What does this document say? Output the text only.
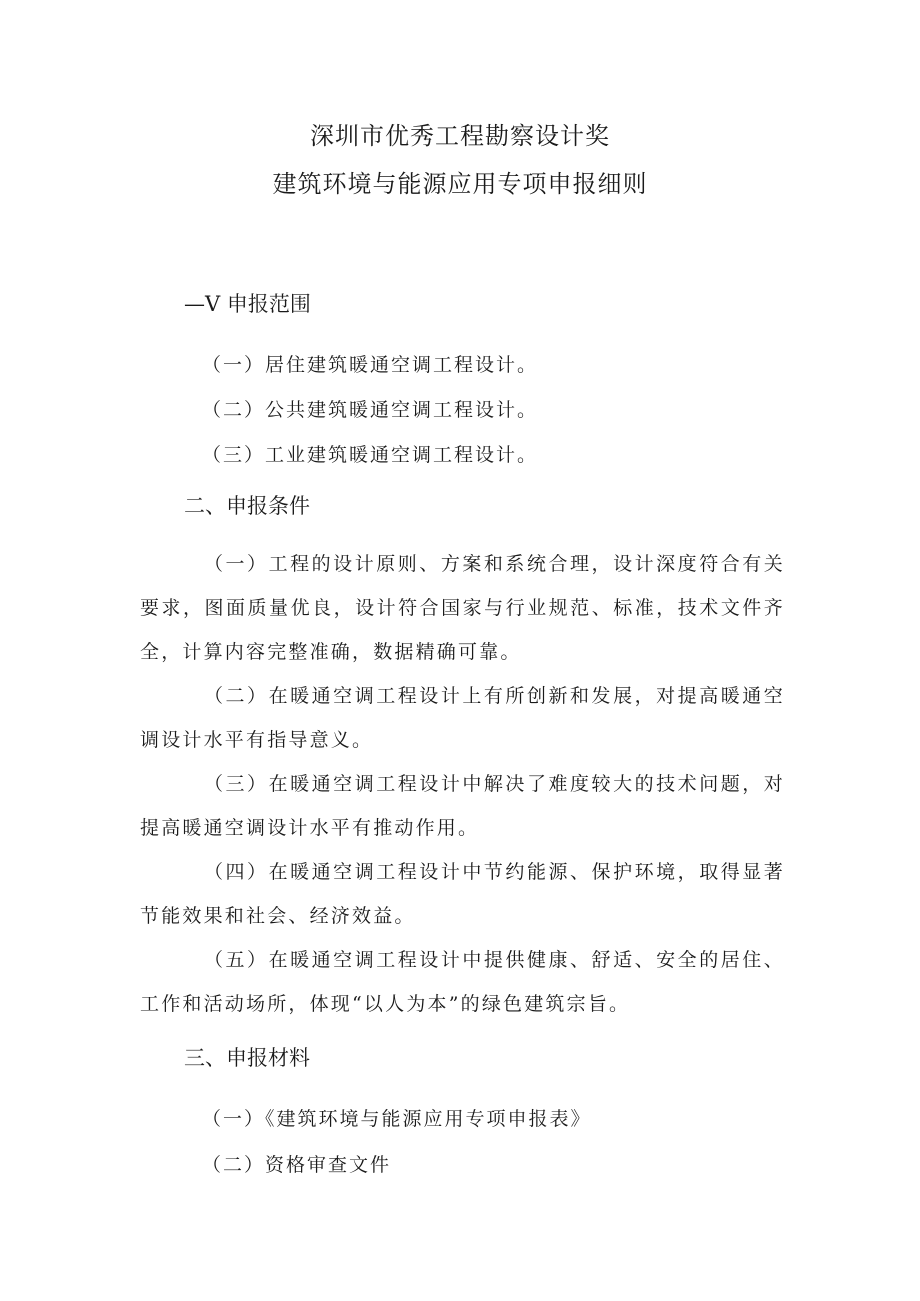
深圳市优秀工程勘察设计奖
建筑环境与能源应用专项申报细则
—V 申报范围
（一）居住建筑暖通空调工程设计。
（二）公共建筑暖通空调工程设计。
（三）工业建筑暖通空调工程设计。
二、申报条件
（一）工程的设计原则、方案和系统合理，设计深度符合有关要求，图面质量优良，设计符合国家与行业规范、标准，技术文件齐全，计算内容完整准确，数据精确可靠。
（二）在暖通空调工程设计上有所创新和发展，对提高暖通空调设计水平有指导意义。
（三）在暖通空调工程设计中解决了难度较大的技术问题，对提高暖通空调设计水平有推动作用。
（四）在暖通空调工程设计中节约能源、保护环境，取得显著节能效果和社会、经济效益。
（五）在暖通空调工程设计中提供健康、舒适、安全的居住、工作和活动场所，体现“以人为本”的绿色建筑宗旨。
三、申报材料
（一）《建筑环境与能源应用专项申报表》
（二）资格审查文件
